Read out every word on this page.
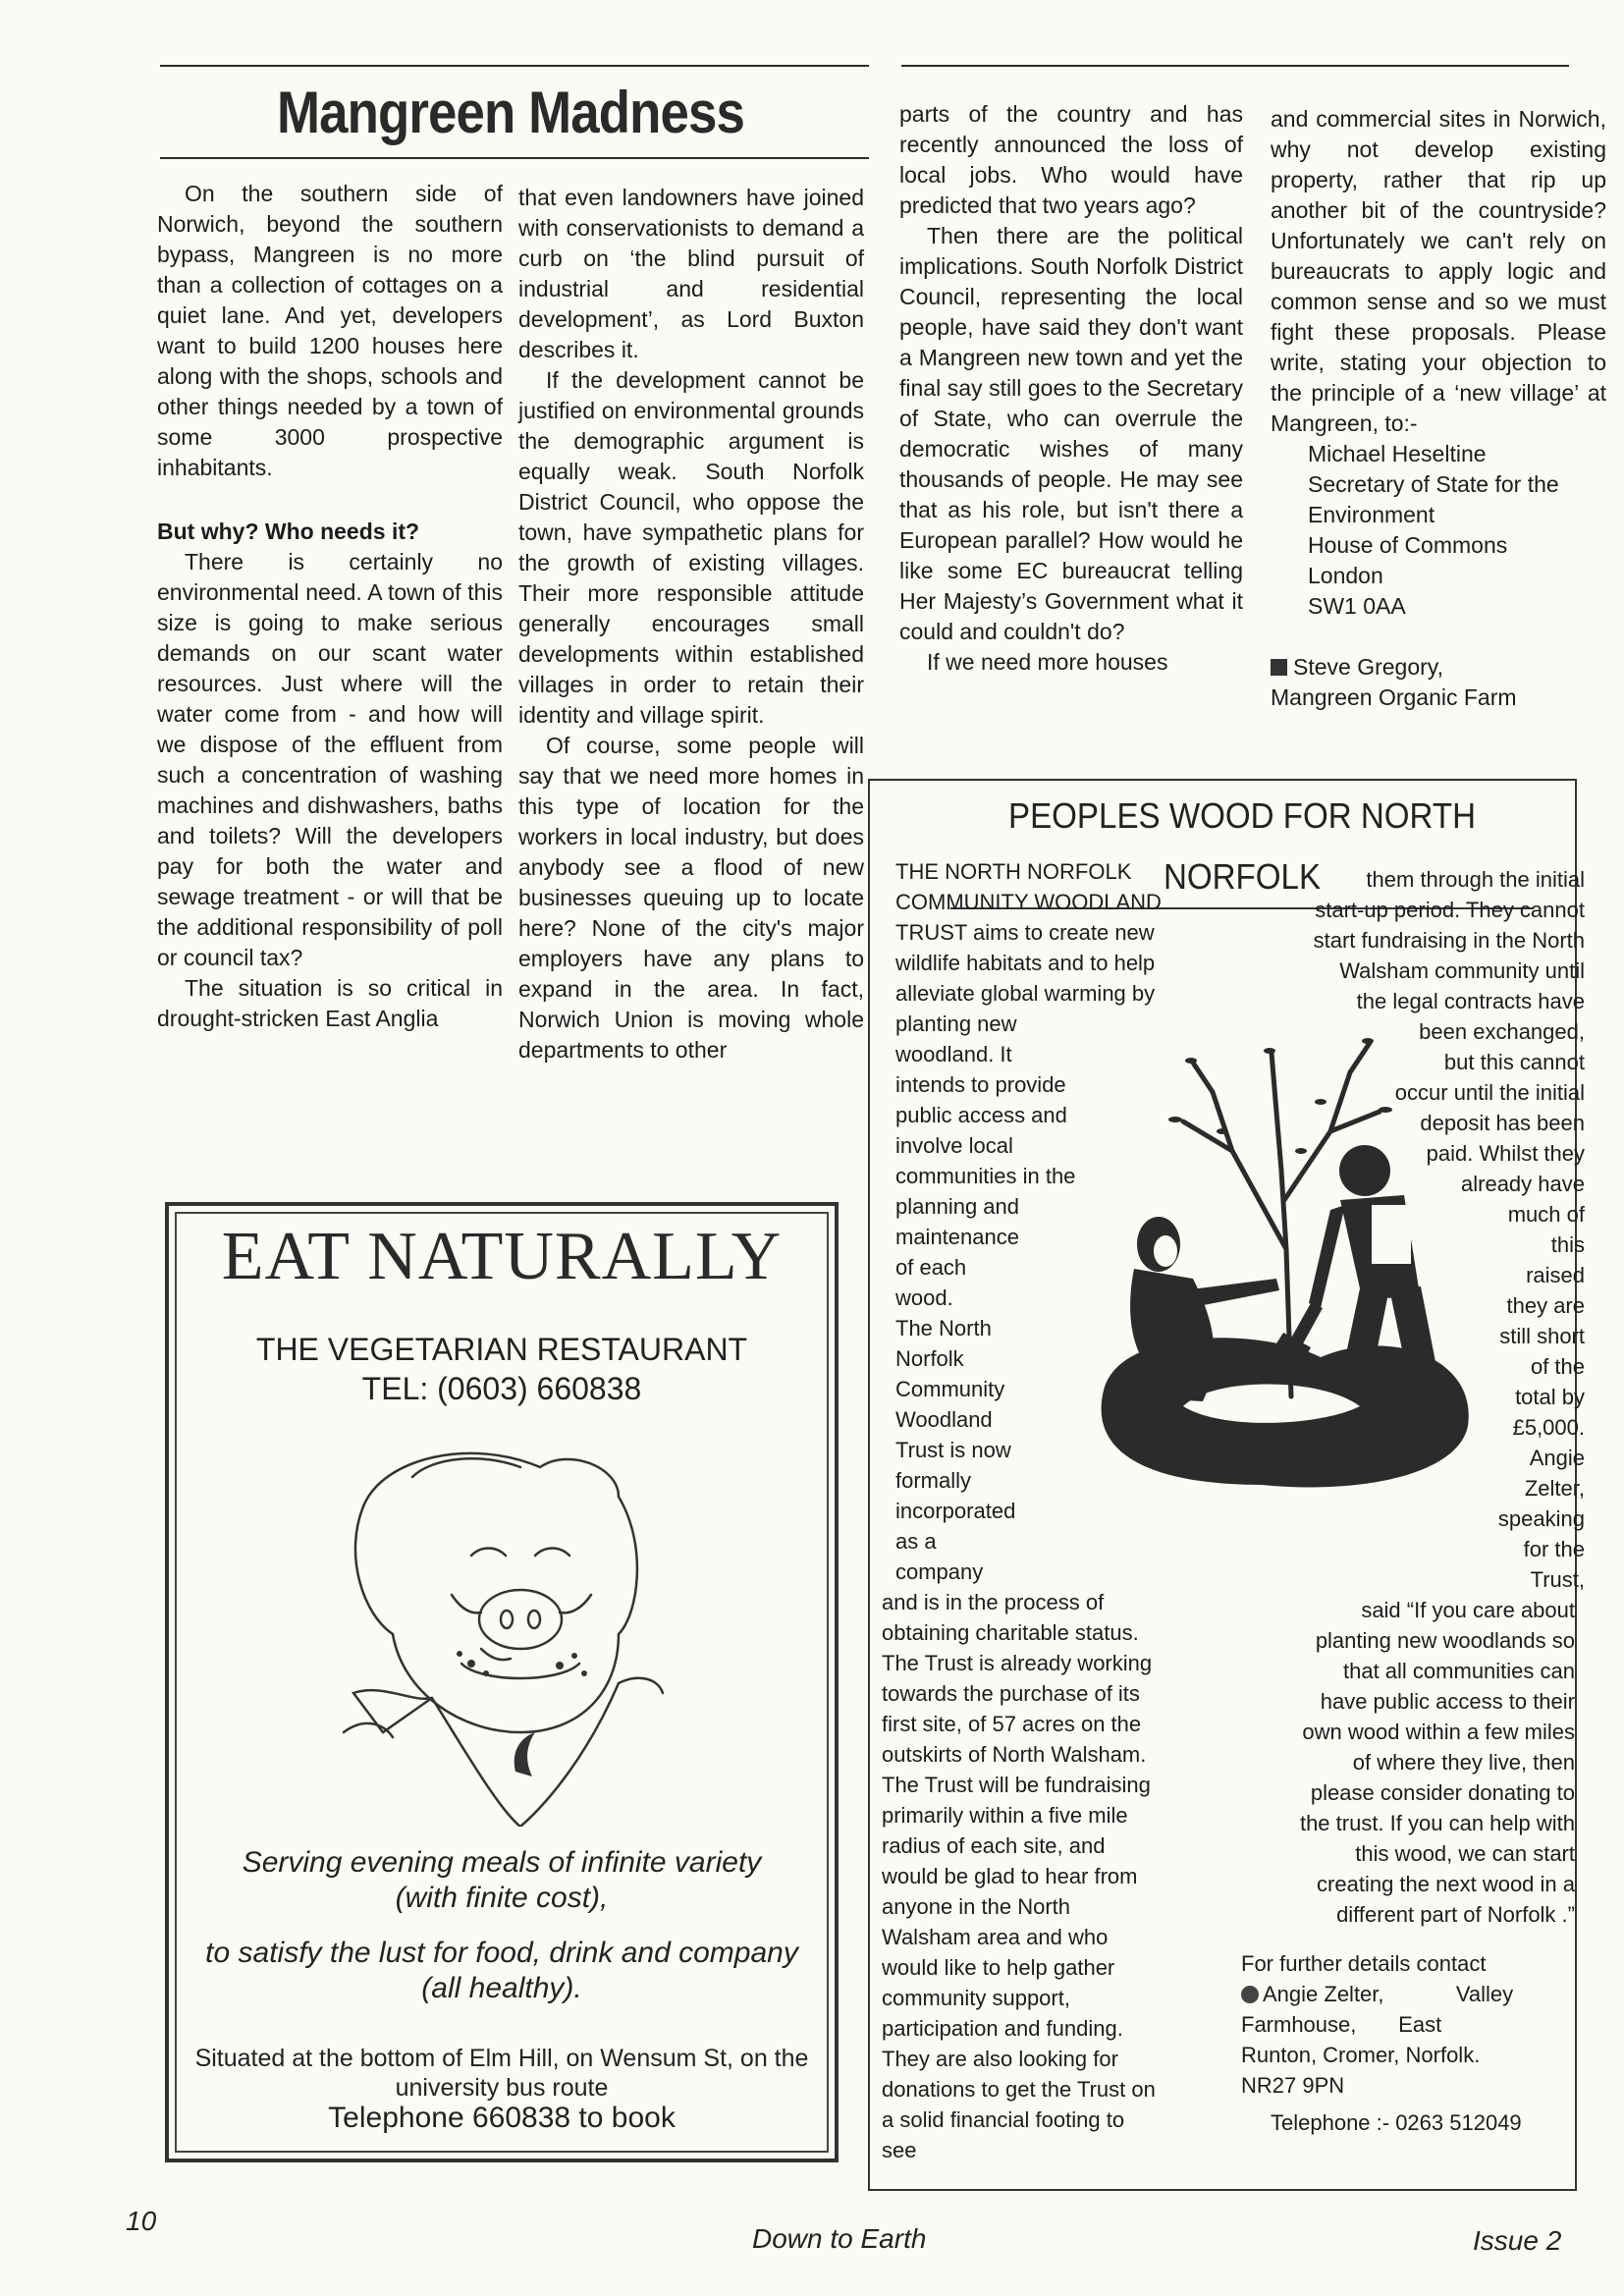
Mangreen Madness

On the southern side of Norwich, beyond the southern bypass, Mangreen is no more than a collection of cottages on a quiet lane. And yet, developers want to build 1200 houses here along with the shops, schools and other things needed by a town of some 3000 prospective inhabitants.

But why? Who needs it?

There is certainly no environmental need. A town of this size is going to make serious demands on our scant water resources. Just where will the water come from - and how will we dispose of the effluent from such a concentration of washing machines and dishwashers, baths and toilets? Will the developers pay for both the water and sewage treatment - or will that be the additional responsibility of poll or council tax?

The situation is so critical in drought-stricken East Anglia

that even landowners have joined with conservationists to demand a curb on ‘the blind pursuit of industrial and residential development’, as Lord Buxton describes it.

If the development cannot be justified on environmental grounds the demographic argument is equally weak. South Norfolk District Council, who oppose the town, have sympathetic plans for the growth of existing villages. Their more responsible attitude generally encourages small developments within established villages in order to retain their identity and village spirit.

Of course, some people will say that we need more homes in this type of location for the workers in local industry, but does anybody see a flood of new businesses queuing up to locate here? None of the city's major employers have any plans to expand in the area. In fact, Norwich Union is moving whole departments to other

parts of the country and has recently announced the loss of local jobs. Who would have predicted that two years ago?

Then there are the political implications. South Norfolk District Council, representing the local people, have said they don't want a Mangreen new town and yet the final say still goes to the Secretary of State, who can overrule the democratic wishes of many thousands of people. He may see that as his role, but isn't there a European parallel? How would he like some EC bureaucrat telling Her Majesty’s Government what it could and couldn't do?

If we need more houses

and commercial sites in Norwich, why not develop existing property, rather that rip up another bit of the countryside? Unfortunately we can't rely on bureaucrats to apply logic and common sense and so we must fight these proposals. Please write, stating your objection to the principle of a ‘new village’ at Mangreen, to:-

Michael Heseltine
Secretary of State for the
Environment
House of Commons
London
SW1 0AA
Steve Gregory,
Mangreen Organic Farm
PEOPLES WOOD FOR NORTH NORFOLK
THE NORTH NORFOLK
COMMUNITY WOODLAND
TRUST aims to create new
wildlife habitats and to help
alleviate global warming by
planting new
woodland. It
intends to provide
public access and
involve local
communities in the
planning and
maintenance
of each
wood.
The North
Norfolk
Community
Woodland
Trust is now
formally
incorporated
as a
company
them through the initial
start-up period. They cannot
start fundraising in the North
Walsham community until
the legal contracts have
been exchanged,
but this cannot
occur until the initial
deposit has been
paid. Whilst they
already have
much of
this
raised
they are
still short
of the
total by
£5,000.
Angie
Zelter,
speaking
for the
Trust,
and is in the process of
obtaining charitable status.
The Trust is already working
towards the purchase of its
first site, of 57 acres on the
outskirts of North Walsham.
The Trust will be fundraising
primarily within a five mile
radius of each site, and
would be glad to hear from
anyone in the North
Walsham area and who
would like to help gather
community support,
participation and funding.
They are also looking for
donations to get the Trust on
a solid financial footing to
see
said “If you care about
planting new woodlands so
that all communities can
have public access to their
own wood within a few miles
of where they live, then
please consider donating to
the trust. If you can help with
this wood, we can start
creating the next wood in a
different part of Norfolk .”
For further details contact
Angie Zelter,            Valley
Farmhouse,       East
Runton, Cromer, Norfolk.
NR27 9PN
Telephone :- 0263 512049
EAT NATURALLY
THE VEGETARIAN RESTAURANT
TEL: (0603) 660838
Serving evening meals of infinite variety
(with finite cost),
to satisfy the lust for food, drink and company
(all healthy).
Situated at the bottom of Elm Hill, on Wensum St, on the
university bus route
Telephone 660838 to book
10
Down to Earth	Issue 2
